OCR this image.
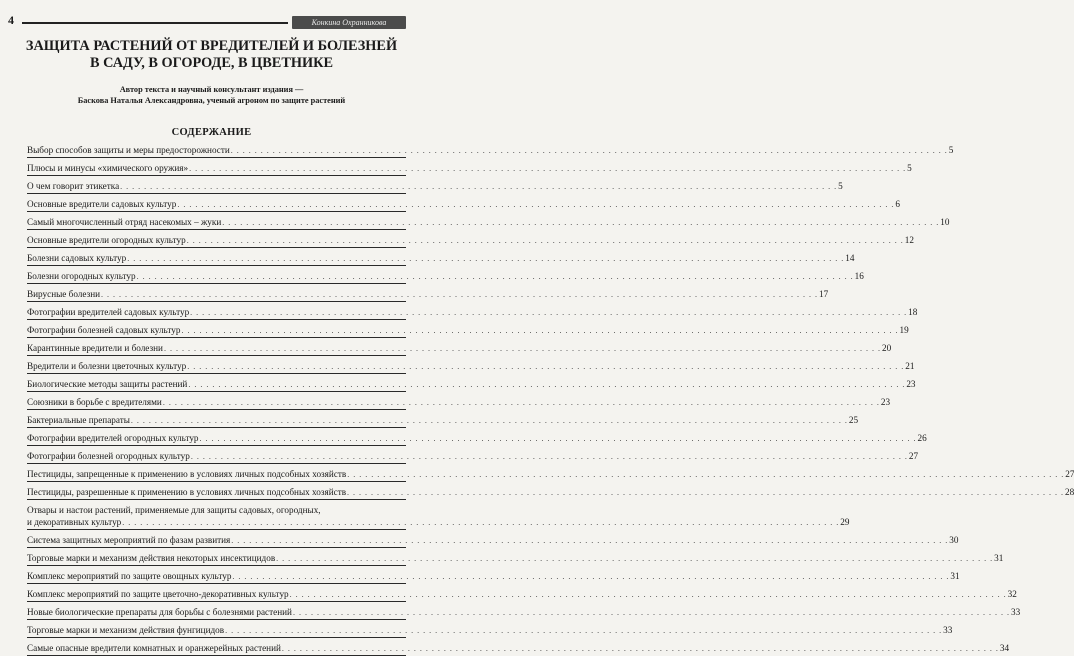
4	Конкина Охранникова
ЗАЩИТА РАСТЕНИЙ ОТ ВРЕДИТЕЛЕЙ И БОЛЕЗНЕЙ
В САДУ, В ОГОРОДЕ, В ЦВЕТНИКЕ
Автор текста и научный консультант издания —
Баскова Наталья Александровна, ученый агроном по защите растений
СОДЕРЖАНИЕ
Выбор способов защиты и меры предосторожности . . . . . . . . . . . . . . . . . . . . . . . . . . . . . . . . . . . . . . . . . . . . . . . . . . . . . . . . . . . . . . . . . . . . . . . . . . . . . . . . . . . . . . . . . . . . . . . . . . . . . . . . . . . . . . . . . . . . . . . . 5
Плюсы и минусы «химического оружия» . . . . . . . . . . . . . . . . . . . . . . . . . . . . . . . . . . . . . . . . . . . . . . . . . . . . . . . . . . . . . . . . . . . . . . . . . . . . . . . . . . . . . . . . . . . . . . . . . . . . . . . . . . . . . . . . . . . . . . . . 5
О чем говорит этикетка . . . . . . . . . . . . . . . . . . . . . . . . . . . . . . . . . . . . . . . . . . . . . . . . . . . . . . . . . . . . . . . . . . . . . . . . . . . . . . . . . . . . . . . . . . . . . . . . . . . . . . . . . . . . . . . . . . . . . . . . 5
Основные вредители садовых культур . . . . . . . . . . . . . . . . . . . . . . . . . . . . . . . . . . . . . . . . . . . . . . . . . . . . . . . . . . . . . . . . . . . . . . . . . . . . . . . . . . . . . . . . . . . . . . . . . . . . . . . . . . . . . . . . . . . . . . . . 6
Самый многочисленный отряд насекомых – жуки . . . . . . . . . . . . . . . . . . . . . . . . . . . . . . . . . . . . . . . . . . . . . . . . . . . . . . . . . . . . . . . . . . . . . . . . . . . . . . . . . . . . . . . . . . . . . . . . . . . . . . . . . . . . . . . . . . . . . . . . 10
Основные вредители огородных культур . . . . . . . . . . . . . . . . . . . . . . . . . . . . . . . . . . . . . . . . . . . . . . . . . . . . . . . . . . . . . . . . . . . . . . . . . . . . . . . . . . . . . . . . . . . . . . . . . . . . . . . . . . . . . . . . . . . . . . . . 12
Болезни садовых культур . . . . . . . . . . . . . . . . . . . . . . . . . . . . . . . . . . . . . . . . . . . . . . . . . . . . . . . . . . . . . . . . . . . . . . . . . . . . . . . . . . . . . . . . . . . . . . . . . . . . . . . . . . . . . . . . . . . . . . . . 14
Болезни огородных культур . . . . . . . . . . . . . . . . . . . . . . . . . . . . . . . . . . . . . . . . . . . . . . . . . . . . . . . . . . . . . . . . . . . . . . . . . . . . . . . . . . . . . . . . . . . . . . . . . . . . . . . . . . . . . . . . . . . . . . . . 16
Вирусные болезни . . . . . . . . . . . . . . . . . . . . . . . . . . . . . . . . . . . . . . . . . . . . . . . . . . . . . . . . . . . . . . . . . . . . . . . . . . . . . . . . . . . . . . . . . . . . . . . . . . . . . . . . . . . . . . . . . . . . . . . . 17
Фотографии вредителей садовых культур . . . . . . . . . . . . . . . . . . . . . . . . . . . . . . . . . . . . . . . . . . . . . . . . . . . . . . . . . . . . . . . . . . . . . . . . . . . . . . . . . . . . . . . . . . . . . . . . . . . . . . . . . . . . . . . . . . . . . . . . 18
Фотографии болезней садовых культур . . . . . . . . . . . . . . . . . . . . . . . . . . . . . . . . . . . . . . . . . . . . . . . . . . . . . . . . . . . . . . . . . . . . . . . . . . . . . . . . . . . . . . . . . . . . . . . . . . . . . . . . . . . . . . . . . . . . . . . . 19
Карантинные вредители и болезни . . . . . . . . . . . . . . . . . . . . . . . . . . . . . . . . . . . . . . . . . . . . . . . . . . . . . . . . . . . . . . . . . . . . . . . . . . . . . . . . . . . . . . . . . . . . . . . . . . . . . . . . . . . . . . . . . . . . . . . . 20
Вредители и болезни цветочных культур . . . . . . . . . . . . . . . . . . . . . . . . . . . . . . . . . . . . . . . . . . . . . . . . . . . . . . . . . . . . . . . . . . . . . . . . . . . . . . . . . . . . . . . . . . . . . . . . . . . . . . . . . . . . . . . . . . . . . . . . 21
Биологические методы защиты растений . . . . . . . . . . . . . . . . . . . . . . . . . . . . . . . . . . . . . . . . . . . . . . . . . . . . . . . . . . . . . . . . . . . . . . . . . . . . . . . . . . . . . . . . . . . . . . . . . . . . . . . . . . . . . . . . . . . . . . . . 23
Союзники в борьбе с вредителями . . . . . . . . . . . . . . . . . . . . . . . . . . . . . . . . . . . . . . . . . . . . . . . . . . . . . . . . . . . . . . . . . . . . . . . . . . . . . . . . . . . . . . . . . . . . . . . . . . . . . . . . . . . . . . . . . . . . . . . . 23
Бактериальные препараты . . . . . . . . . . . . . . . . . . . . . . . . . . . . . . . . . . . . . . . . . . . . . . . . . . . . . . . . . . . . . . . . . . . . . . . . . . . . . . . . . . . . . . . . . . . . . . . . . . . . . . . . . . . . . . . . . . . . . . . . 25
Фотографии вредителей огородных культур . . . . . . . . . . . . . . . . . . . . . . . . . . . . . . . . . . . . . . . . . . . . . . . . . . . . . . . . . . . . . . . . . . . . . . . . . . . . . . . . . . . . . . . . . . . . . . . . . . . . . . . . . . . . . . . . . . . . . . . . 26
Фотографии болезней огородных культур . . . . . . . . . . . . . . . . . . . . . . . . . . . . . . . . . . . . . . . . . . . . . . . . . . . . . . . . . . . . . . . . . . . . . . . . . . . . . . . . . . . . . . . . . . . . . . . . . . . . . . . . . . . . . . . . . . . . . . . . 27
Пестициды, запрещенные к применению в условиях личных подсобных хозяйств . . . . . . . . . . . . . . . . . . . . . . . . . . . . . . . . . . . . . . . . . . . . . . . . . . . . . . . . . . . . . . . . . . . . . . . . . . . . . . . . . . . . . . . . . . . . . . . . . . . . . . . . . . . . . . . . . . . . . . . . 27
Пестициды, разрешенные к применению в условиях личных подсобных хозяйств . . . . . . . . . . . . . . . . . . . . . . . . . . . . . . . . . . . . . . . . . . . . . . . . . . . . . . . . . . . . . . . . . . . . . . . . . . . . . . . . . . . . . . . . . . . . . . . . . . . . . . . . . . . . . . . . . . . . . . . . 28
Отвары и настои растений, применяемые для защиты садовых, огородных,
и декоративных культур . . . . . . . . . . . . . . . . . . . . . . . . . . . . . . . . . . . . . . . . . . . . . . . . . . . . . . . . . . . . . . . . . . . . . . . . . . . . . . . . . . . . . . . . . . . . . . . . . . . . . . . . . . . . . . . . . . . . . . . . 29
Система защитных мероприятий по фазам развития . . . . . . . . . . . . . . . . . . . . . . . . . . . . . . . . . . . . . . . . . . . . . . . . . . . . . . . . . . . . . . . . . . . . . . . . . . . . . . . . . . . . . . . . . . . . . . . . . . . . . . . . . . . . . . . . . . . . . . . . 30
Торговые марки и механизм действия некоторых инсектицидов . . . . . . . . . . . . . . . . . . . . . . . . . . . . . . . . . . . . . . . . . . . . . . . . . . . . . . . . . . . . . . . . . . . . . . . . . . . . . . . . . . . . . . . . . . . . . . . . . . . . . . . . . . . . . . . . . . . . . . . . 31
Комплекс мероприятий по защите овощных культур . . . . . . . . . . . . . . . . . . . . . . . . . . . . . . . . . . . . . . . . . . . . . . . . . . . . . . . . . . . . . . . . . . . . . . . . . . . . . . . . . . . . . . . . . . . . . . . . . . . . . . . . . . . . . . . . . . . . . . . . 31
Комплекс мероприятий по защите цветочно-декоративных культур . . . . . . . . . . . . . . . . . . . . . . . . . . . . . . . . . . . . . . . . . . . . . . . . . . . . . . . . . . . . . . . . . . . . . . . . . . . . . . . . . . . . . . . . . . . . . . . . . . . . . . . . . . . . . . . . . . . . . . . . 32
Новые биологические препараты для борьбы с болезнями растений . . . . . . . . . . . . . . . . . . . . . . . . . . . . . . . . . . . . . . . . . . . . . . . . . . . . . . . . . . . . . . . . . . . . . . . . . . . . . . . . . . . . . . . . . . . . . . . . . . . . . . . . . . . . . . . . . . . . . . . . 33
Торговые марки и механизм действия фунгицидов . . . . . . . . . . . . . . . . . . . . . . . . . . . . . . . . . . . . . . . . . . . . . . . . . . . . . . . . . . . . . . . . . . . . . . . . . . . . . . . . . . . . . . . . . . . . . . . . . . . . . . . . . . . . . . . . . . . . . . . . 33
Самые опасные вредители комнатных и оранжерейных растений . . . . . . . . . . . . . . . . . . . . . . . . . . . . . . . . . . . . . . . . . . . . . . . . . . . . . . . . . . . . . . . . . . . . . . . . . . . . . . . . . . . . . . . . . . . . . . . . . . . . . . . . . . . . . . . . . . . . . . . . 34
